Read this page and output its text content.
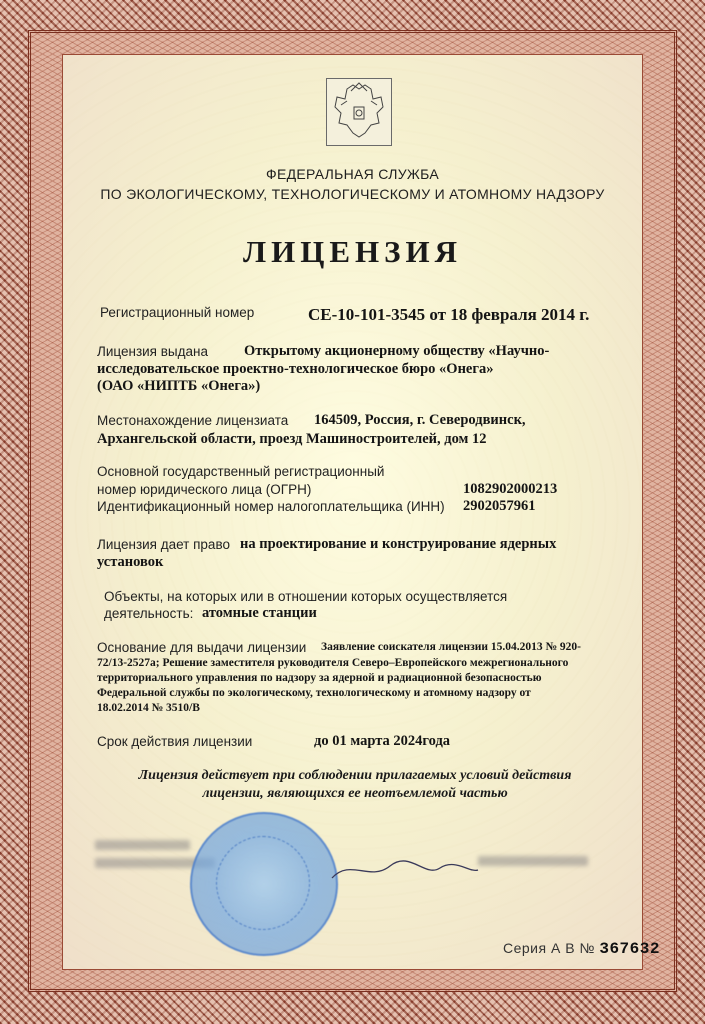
ФЕДЕРАЛЬНАЯ СЛУЖБА
ПО ЭКОЛОГИЧЕСКОМУ, ТЕХНОЛОГИЧЕСКОМУ И АТОМНОМУ НАДЗОРУ
ЛИЦЕНЗИЯ
Регистрационный номер	СЕ-10-101-3545 от 18 февраля 2014 г.
Лицензия выдана Открытому акционерному обществу «Научно-
исследовательское проектно-технологическое бюро «Онега»
(ОАО «НИПТБ «Онега»)
Местонахождение лицензиата 164509, Россия, г. Северодвинск,
Архангельской области, проезд Машиностроителей, дом 12
Основной государственный регистрационный
номер юридического лица (ОГРН)	1082902000213
Идентификационный номер налогоплательщика (ИНН) 2902057961
Лицензия дает право на проектирование и конструирование ядерных
установок
Объекты, на которых или в отношении которых осуществляется
деятельность: атомные станции
Основание для выдачи лицензии Заявление соискателя лицензии 15.04.2013 № 920-
72/13-2527а; Решение заместителя руководителя Северо–Европейского межрегионального
территориального управления по надзору за ядерной и радиационной безопасностью
Федеральной службы по экологическому, технологическому и атомному надзору от
18.02.2014 № 3510/В
Срок действия лицензии	до 01 марта 2024года
Лицензия действует при соблюдении прилагаемых условий действия
лицензии, являющихся ее неотъемлемой частью
Серия А В № 367632
